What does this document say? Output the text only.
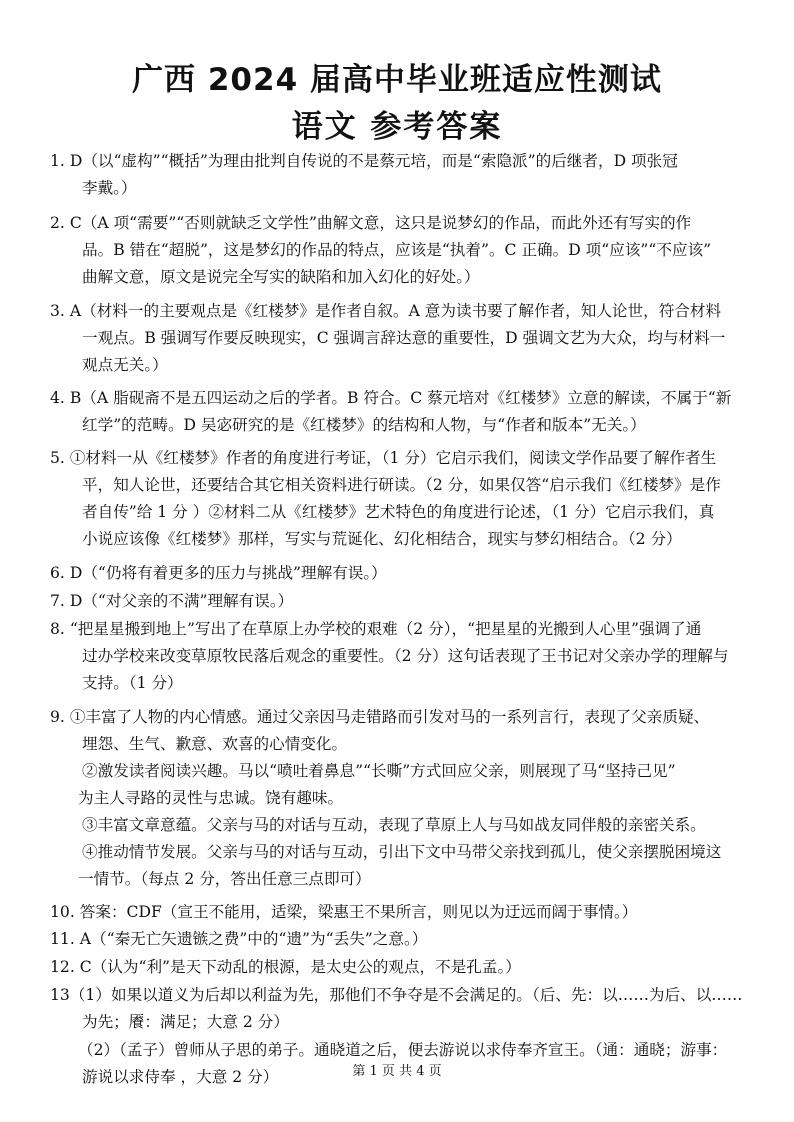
广西 2024 届高中毕业班适应性测试
语文 参考答案
1. D（以“虚构”“概括”为理由批判自传说的不是蔡元培，而是“索隐派”的后继者，D 项张冠
李戴。）
2. C（A 项“需要”“否则就缺乏文学性”曲解文意，这只是说梦幻的作品，而此外还有写实的作
品。B 错在“超脱”，这是梦幻的作品的特点，应该是“执着”。C 正确。D 项“应该”“不应该”
曲解文意，原文是说完全写实的缺陷和加入幻化的好处。）
3. A（材料一的主要观点是《红楼梦》是作者自叙。A 意为读书要了解作者，知人论世，符合材料
一观点。B 强调写作要反映现实，C 强调言辞达意的重要性，D 强调文艺为大众，均与材料一
观点无关。）
4. B（A 脂砚斋不是五四运动之后的学者。B 符合。C 蔡元培对《红楼梦》立意的解读，不属于“新
红学”的范畴。D 吴宓研究的是《红楼梦》的结构和人物，与“作者和版本”无关。）
5. ①材料一从《红楼梦》作者的角度进行考证，（1 分）它启示我们，阅读文学作品要了解作者生
平，知人论世，还要结合其它相关资料进行研读。（2 分，如果仅答“启示我们《红楼梦》是作
者自传”给 1 分 ）②材料二从《红楼梦》艺术特色的角度进行论述，（1 分）它启示我们，真
小说应该像《红楼梦》那样，写实与荒诞化、幻化相结合，现实与梦幻相结合。（2 分）
6. D（“仍将有着更多的压力与挑战”理解有误。）
7. D（“对父亲的不满”理解有误。）
8. “把星星搬到地上”写出了在草原上办学校的艰难（2 分），“把星星的光搬到人心里”强调了通
过办学校来改变草原牧民落后观念的重要性。（2 分）这句话表现了王书记对父亲办学的理解与
支持。（1 分）
9. ①丰富了人物的内心情感。通过父亲因马走错路而引发对马的一系列言行，表现了父亲质疑、
埋怨、生气、歉意、欢喜的心情变化。
②激发读者阅读兴趣。马以“喷吐着鼻息”“长嘶”方式回应父亲，则展现了马“坚持己见”
为主人寻路的灵性与忠诚。饶有趣味。
③丰富文章意蕴。父亲与马的对话与互动，表现了草原上人与马如战友同伴般的亲密关系。
④推动情节发展。父亲与马的对话与互动，引出下文中马带父亲找到孤儿，使父亲摆脱困境这
一情节。（每点 2 分，答出任意三点即可）
10. 答案：CDF（宣王不能用，适梁，梁惠王不果所言，则见以为迂远而阔于事情。）
11. A（“秦无亡矢遗镞之费”中的“遗”为“丢失”之意。）
12. C（认为“利”是天下动乱的根源，是太史公的观点，不是孔孟。）
13（1）如果以道义为后却以利益为先，那他们不争夺是不会满足的。（后、先：以……为后、以……
为先；餍：满足；大意 2 分）
（2）（孟子）曾师从子思的弟子。通晓道之后，便去游说以求侍奉齐宣王。（通：通晓；游事：
游说以求侍奉 ，大意 2 分）	第 1 页 共 4 页
